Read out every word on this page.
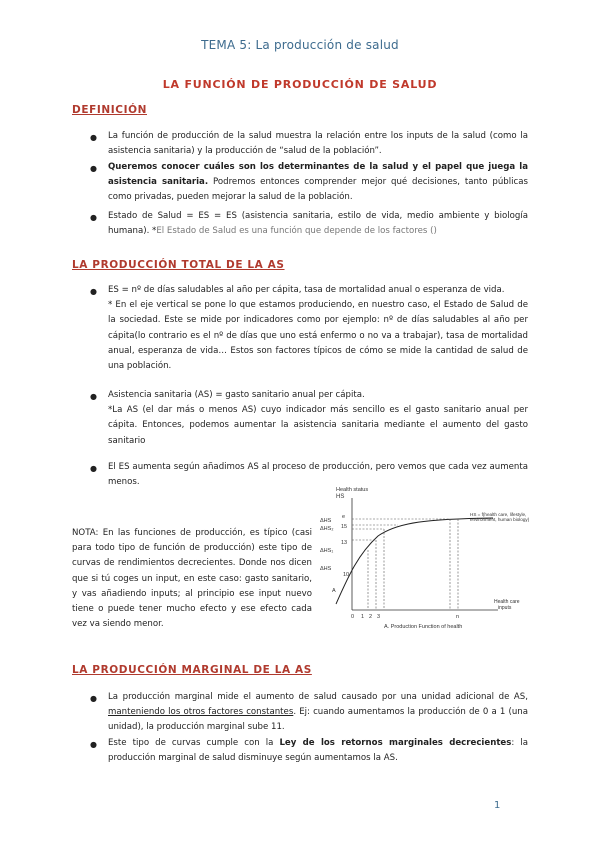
TEMA 5: La producción de salud
LA FUNCIÓN DE PRODUCCIÓN DE SALUD
DEFINICIÓN
● La función de producción de la salud muestra la relación entre los inputs de la salud (como la asistencia sanitaria) y la producción de “salud de la población”.
● Queremos conocer cuáles son los determinantes de la salud y el papel que juega la asistencia sanitaria. Podremos entonces comprender mejor qué decisiones, tanto públicas como privadas, pueden mejorar la salud de la población.
● Estado de Salud = ES = ES (asistencia sanitaria, estilo de vida, medio ambiente y biología humana). *El Estado de Salud es una función que depende de los factores ()
LA PRODUCCIÓN TOTAL DE LA AS
● ES = nº de días saludables al año per cápita, tasa de mortalidad anual o esperanza de vida.
* En el eje vertical se pone lo que estamos produciendo, en nuestro caso, el Estado de Salud de la sociedad. Este se mide por indicadores como por ejemplo: nº de días saludables al año per cápita(lo contrario es el nº de días que uno está enfermo o no va a trabajar), tasa de mortalidad anual, esperanza de vida… Estos son factores típicos de cómo se mide la cantidad de salud de una población.
● Asistencia sanitaria (AS) = gasto sanitario anual per cápita.
*La AS (el dar más o menos AS) cuyo indicador más sencillo es el gasto sanitario anual per cápita. Entonces, podemos aumentar la asistencia sanitaria mediante el aumento del gasto sanitario
● El ES aumenta según añadimos AS al proceso de producción, pero vemos que cada vez aumenta menos.
NOTA: En las funciones de producción, es típico (casi para todo tipo de función de producción) este tipo de curvas de rendimientos decrecientes. Donde nos dicen que si tú coges un input, en este caso: gasto sanitario, y vas añadiendo inputs; al principio ese input nuevo tiene o puede tener mucho efecto y ese efecto cada vez va siendo menor.
Health status
HS
ΔHS
e
ΔHS₂ 15
13
ΔHS₁
ΔHS
10
A
0 1 2 3	n
HS = f(health care, lifestyle, environment, human biology)
Health care
inputs
A. Production Function of health
LA PRODUCCIÓN MARGINAL DE LA AS
● La producción marginal mide el aumento de salud causado por una unidad adicional de AS, manteniendo los otros factores constantes. Ej: cuando aumentamos la producción de 0 a 1 (una unidad), la producción marginal sube 11.
● Este tipo de curvas cumple con la Ley de los retornos marginales decrecientes: la producción marginal de salud disminuye según aumentamos la AS.
1
